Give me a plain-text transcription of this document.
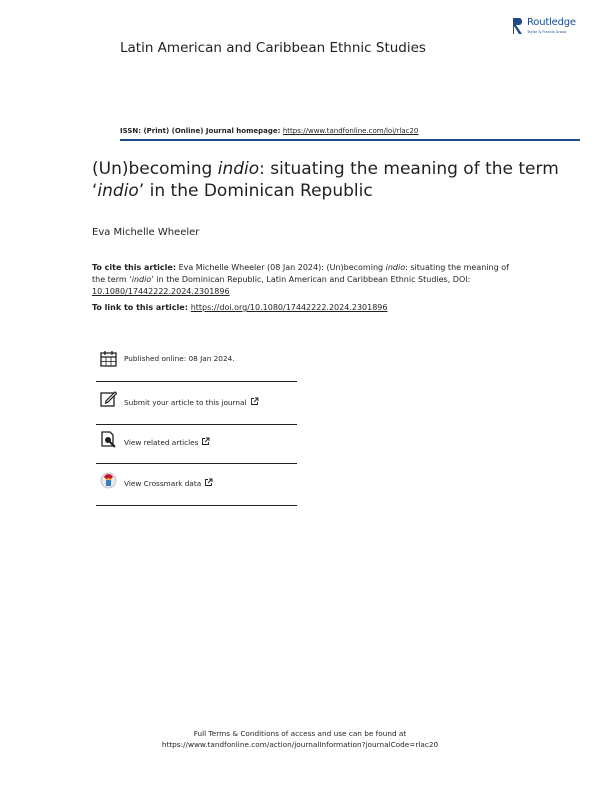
Routledge
Taylor & Francis Group
Latin American and Caribbean Ethnic Studies
ISSN: (Print) (Online) Journal homepage: https://www.tandfonline.com/loi/rlac20
(Un)becoming indio: situating the meaning of the term ‘indio’ in the Dominican Republic
Eva Michelle Wheeler
To cite this article: Eva Michelle Wheeler (08 Jan 2024): (Un)becoming indio: situating the meaning of the term ‘indio’ in the Dominican Republic, Latin American and Caribbean Ethnic Studies, DOI: 10.1080/17442222.2024.2301896
To link to this article: https://doi.org/10.1080/17442222.2024.2301896
Published online: 08 Jan 2024.
Submit your article to this journal
View related articles
View Crossmark data
Full Terms & Conditions of access and use can be found at
https://www.tandfonline.com/action/journalInformation?journalCode=rlac20
